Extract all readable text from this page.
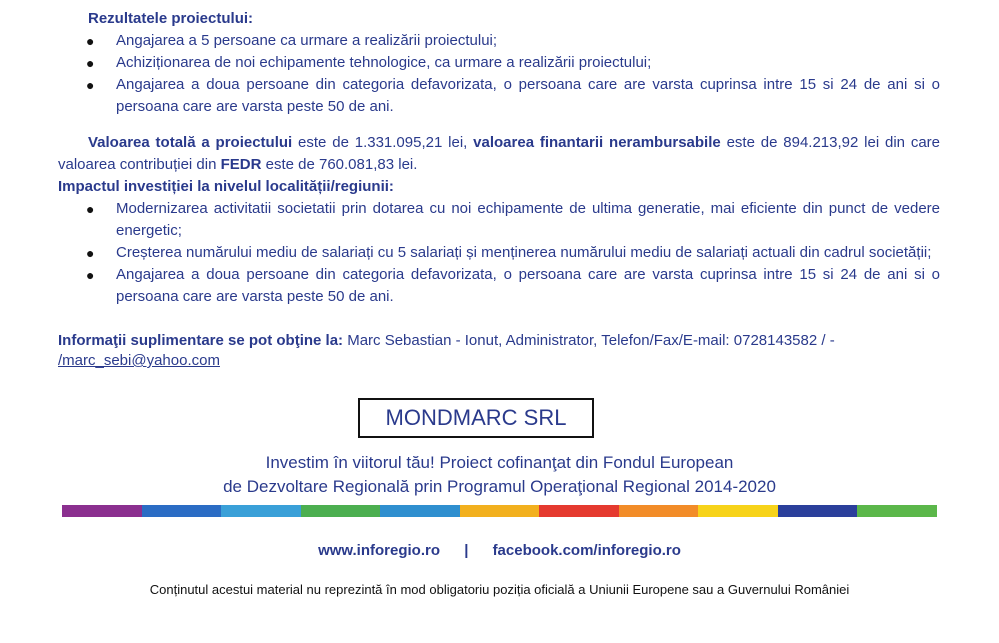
Rezultatele proiectului:
● Angajarea a 5 persoane ca urmare a realizării proiectului;
● Achiziționarea de noi echipamente tehnologice, ca urmare a realizării proiectului;
● Angajarea a doua persoane din categoria defavorizata, o persoana care are varsta cuprinsa intre 15 si 24 de ani si o persoana care are varsta peste 50 de ani.

Valoarea totală a proiectului este de 1.331.095,21 lei, valoarea finantarii nerambursabile este de 894.213,92 lei din care valoarea contribuției din FEDR este de 760.081,83 lei.

Impactul investiției la nivelul localității/regiunii:
● Modernizarea activitatii societatii prin dotarea cu noi echipamente de ultima generatie, mai eficiente din punct de vedere energetic;
● Creșterea numărului mediu de salariați cu 5 salariați și menținerea numărului mediu de salariați actuali din cadrul societății;
● Angajarea a doua persoane din categoria defavorizata, o persoana care are varsta cuprinsa intre 15 si 24 de ani si o persoana care are varsta peste 50 de ani.

Informaţii suplimentare se pot obţine la: Marc Sebastian - Ionut, Administrator, Telefon/Fax/E-mail: 0728143582 / -

/marc_sebi@yahoo.com
MONDMARC SRL
Investim în viitorul tău! Proiect cofinanţat din Fondul European
de Dezvoltare Regională prin Programul Operaţional Regional 2014-2020
www.inforegio.ro | facebook.com/inforegio.ro
Conținutul acestui material nu reprezintă în mod obligatoriu poziția oficială a Uniunii Europene sau a Guvernului României
